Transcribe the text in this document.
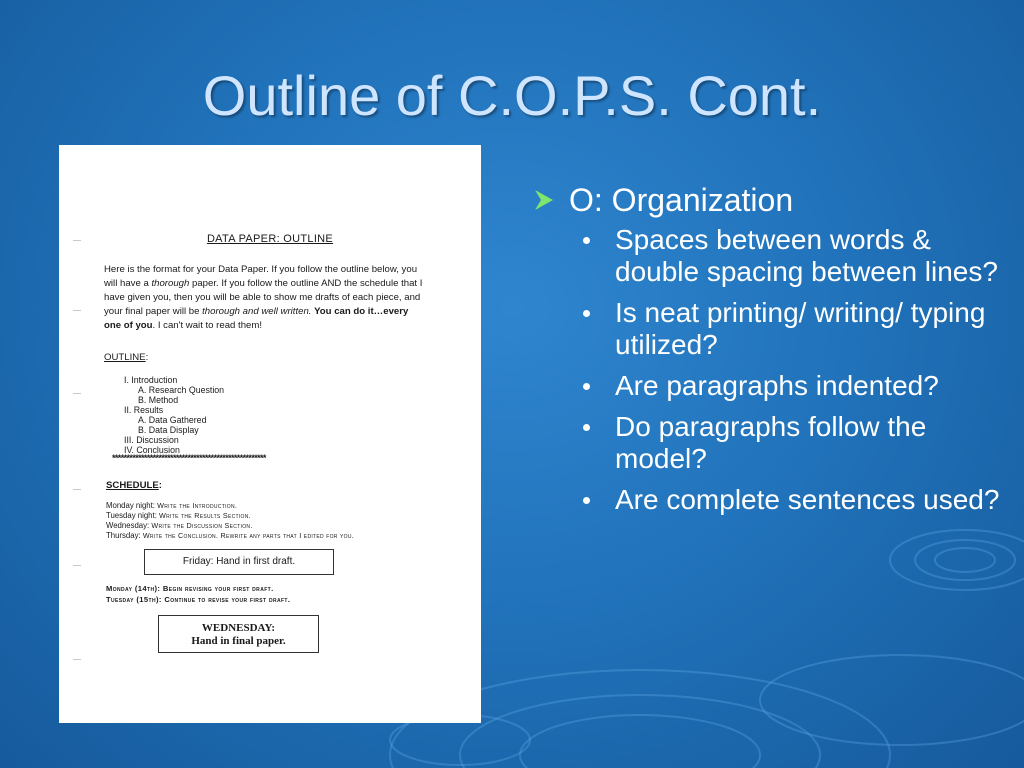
Outline of C.O.P.S. Cont.
DATA PAPER: OUTLINE
Here is the format for your Data Paper. If you follow the outline below, you will have a thorough paper. If you follow the outline AND the schedule that I have given you, then you will be able to show me drafts of each piece, and your final paper will be thorough and well written. You can do it…every one of you. I can't wait to read them!
OUTLINE:
I. Introduction
A. Research Question
B. Method
II. Results
A. Data Gathered
B. Data Display
III. Discussion
IV. Conclusion
*****************************************************
SCHEDULE:
Monday night: Write the Introduction.
Tuesday night: Write the Results Section.
Wednesday: Write the Discussion Section.
Thursday: Write the Conclusion. Rewrite any parts that I edited for you.
Friday: Hand in first draft.
Monday (14th): Begin revising your first draft.
Tuesday (15th): Continue to revise your first draft.
WEDNESDAY:
Hand in final paper.
O: Organization
Spaces between words & double spacing between lines?
Is neat printing/ writing/ typing utilized?
Are paragraphs indented?
Do paragraphs follow the model?
Are complete sentences used?
